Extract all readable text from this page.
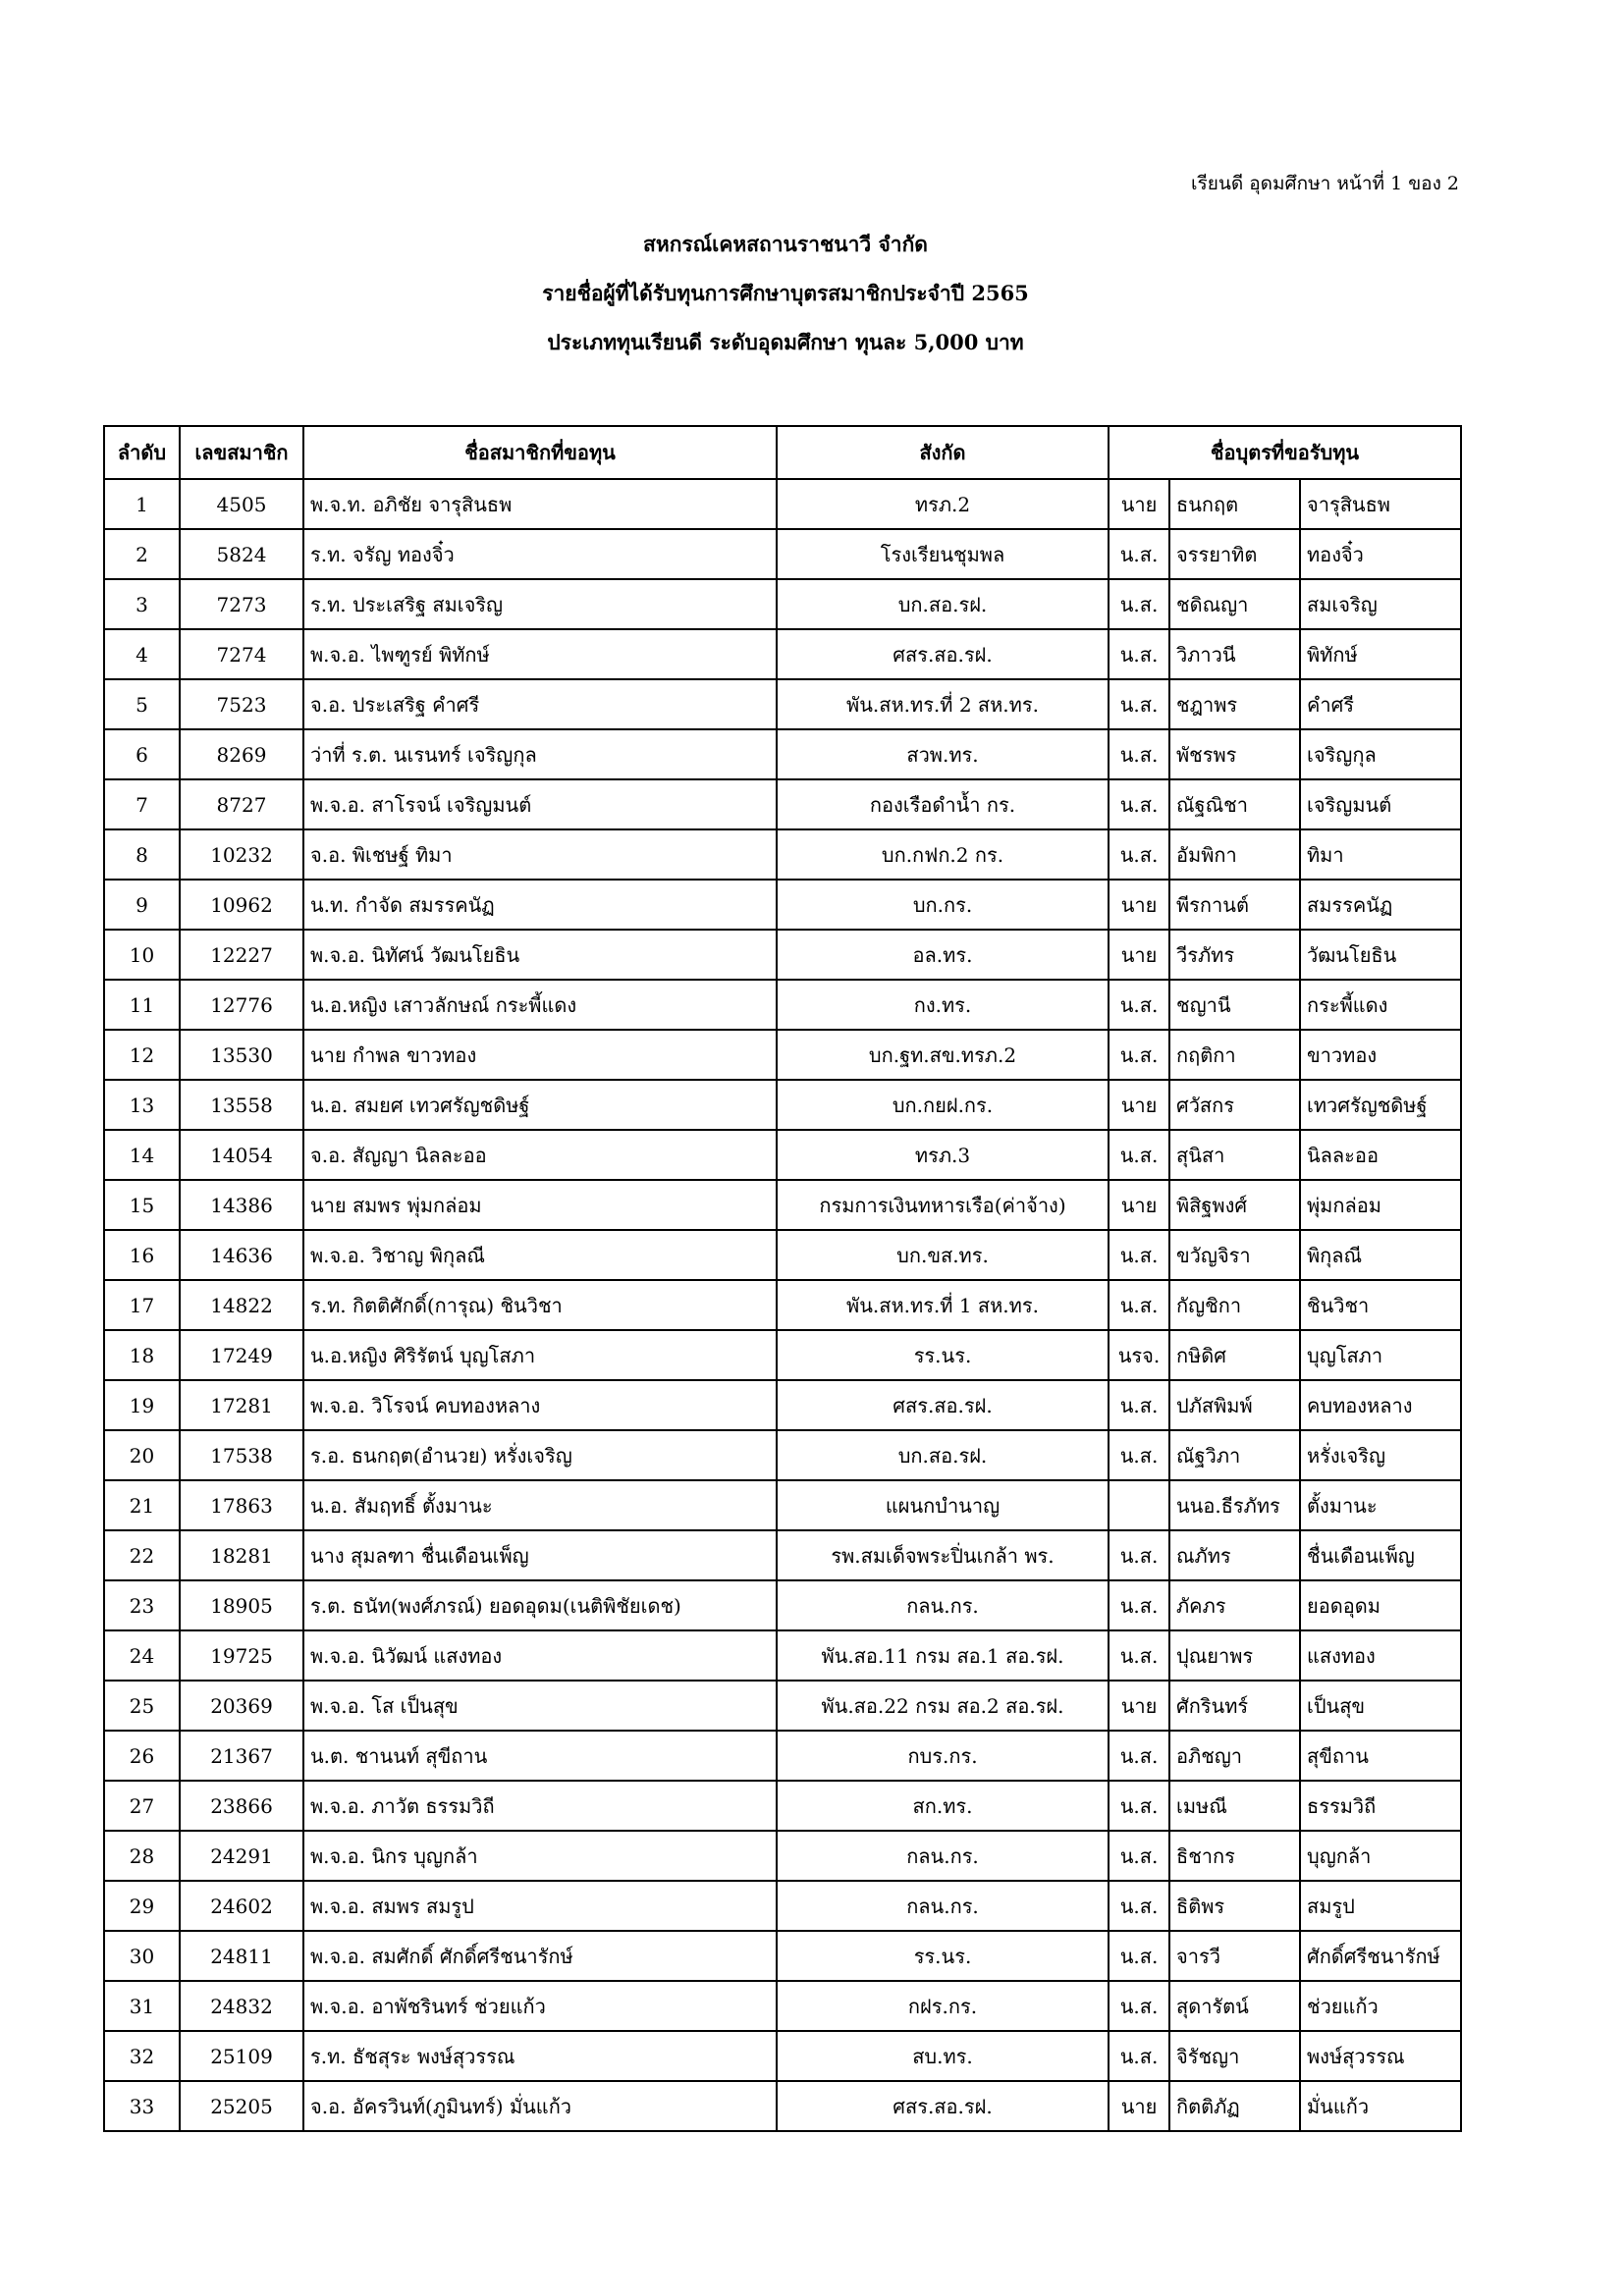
เรียนดี อุดมศึกษา หน้าที่ 1 ของ 2
สหกรณ์เคหสถานราชนาวี จำกัด
รายชื่อผู้ที่ได้รับทุนการศึกษาบุตรสมาชิกประจำปี 2565
ประเภททุนเรียนดี ระดับอุดมศึกษา ทุนละ 5,000 บาท
ลำดับ	เลขสมาชิก	ชื่อสมาชิกที่ขอทุน	สังกัด	ชื่อบุตรที่ขอรับทุน		
1	4505	พ.จ.ท. อภิชัย จารุสินธพ	ทรภ.2	นาย	ธนกฤต	จารุสินธพ
2	5824	ร.ท. จรัญ ทองจิ๋ว	โรงเรียนชุมพล	น.ส.	จรรยาทิต	ทองจิ๋ว
3	7273	ร.ท. ประเสริฐ สมเจริญ	บก.สอ.รฝ.	น.ส.	ชดิณญา	สมเจริญ
4	7274	พ.จ.อ. ไพฑูรย์ พิทักษ์	ศสร.สอ.รฝ.	น.ส.	วิภาวนี	พิทักษ์
5	7523	จ.อ. ประเสริฐ คำศรี	พัน.สห.ทร.ที่ 2 สห.ทร.	น.ส.	ชฎาพร	คำศรี
6	8269	ว่าที่ ร.ต. นเรนทร์ เจริญกุล	สวพ.ทร.	น.ส.	พัชรพร	เจริญกุล
7	8727	พ.จ.อ. สาโรจน์ เจริญมนต์	กองเรือดำน้ำ กร.	น.ส.	ณัฐณิชา	เจริญมนต์
8	10232	จ.อ. พิเชษฐ์ ทิมา	บก.กฟก.2 กร.	น.ส.	อัมพิกา	ทิมา
9	10962	น.ท. กำจัด สมรรคนัฏ	บก.กร.	นาย	พีรกานต์	สมรรคนัฏ
10	12227	พ.จ.อ. นิทัศน์ วัฒนโยธิน	อล.ทร.	นาย	วีรภัทร	วัฒนโยธิน
11	12776	น.อ.หญิง เสาวลักษณ์ กระพี้แดง	กง.ทร.	น.ส.	ชญานี	กระพี้แดง
12	13530	นาย กำพล ขาวทอง	บก.ฐท.สข.ทรภ.2	น.ส.	กฤติกา	ขาวทอง
13	13558	น.อ. สมยศ เทวศรัญชดิษฐ์	บก.กยฝ.กร.	นาย	ศวัสกร	เทวศรัญชดิษฐ์
14	14054	จ.อ. สัญญา นิลละออ	ทรภ.3	น.ส.	สุนิสา	นิลละออ
15	14386	นาย สมพร พุ่มกล่อม	กรมการเงินทหารเรือ(ค่าจ้าง)	นาย	พิสิฐพงศ์	พุ่มกล่อม
16	14636	พ.จ.อ. วิชาญ พิกุลณี	บก.ขส.ทร.	น.ส.	ขวัญจิรา	พิกุลณี
17	14822	ร.ท. กิตติศักดิ์(การุณ) ชินวิชา	พัน.สห.ทร.ที่ 1 สห.ทร.	น.ส.	กัญชิกา	ชินวิชา
18	17249	น.อ.หญิง ศิริรัตน์ บุญโสภา	รร.นร.	นรจ.	กษิดิศ	บุญโสภา
19	17281	พ.จ.อ. วิโรจน์ คบทองหลาง	ศสร.สอ.รฝ.	น.ส.	ปภัสพิมพ์	คบทองหลาง
20	17538	ร.อ. ธนกฤต(อำนวย) หรั่งเจริญ	บก.สอ.รฝ.	น.ส.	ณัฐวิภา	หรั่งเจริญ
21	17863	น.อ. สัมฤทธิ์ ตั้งมานะ	แผนกบำนาญ		นนอ.ธีรภัทร	ตั้งมานะ
22	18281	นาง สุมลฑา ชื่นเดือนเพ็ญ	รพ.สมเด็จพระปิ่นเกล้า พร.	น.ส.	ณภัทร	ชื่นเดือนเพ็ญ
23	18905	ร.ต. ธนัท(พงศ์ภรณ์) ยอดอุดม(เนติพิชัยเดช)	กลน.กร.	น.ส.	ภัคภร	ยอดอุดม
24	19725	พ.จ.อ. นิวัฒน์ แสงทอง	พัน.สอ.11 กรม สอ.1 สอ.รฝ.	น.ส.	ปุณยาพร	แสงทอง
25	20369	พ.จ.อ. โส เป็นสุข	พัน.สอ.22 กรม สอ.2 สอ.รฝ.	นาย	ศักรินทร์	เป็นสุข
26	21367	น.ต. ชานนท์ สุขีถาน	กบร.กร.	น.ส.	อภิชญา	สุขีถาน
27	23866	พ.จ.อ. ภาวัต ธรรมวิถี	สก.ทร.	น.ส.	เมษณี	ธรรมวิถี
28	24291	พ.จ.อ. นิกร บุญกล้า	กลน.กร.	น.ส.	ธิชากร	บุญกล้า
29	24602	พ.จ.อ. สมพร สมรูป	กลน.กร.	น.ส.	ธิติพร	สมรูป
30	24811	พ.จ.อ. สมศักดิ์ ศักดิ์ศรีชนารักษ์	รร.นร.	น.ส.	จารวี	ศักดิ์ศรีชนารักษ์
31	24832	พ.จ.อ. อาพัชรินทร์ ช่วยแก้ว	กฝร.กร.	น.ส.	สุดารัตน์	ช่วยแก้ว
32	25109	ร.ท. ธัชสุระ พงษ์สุวรรณ	สบ.ทร.	น.ส.	จิรัชญา	พงษ์สุวรรณ
33	25205	จ.อ. อัครวินท์(ภูมินทร์) มั่นแก้ว	ศสร.สอ.รฝ.	นาย	กิตติภัฏ	มั่นแก้ว
